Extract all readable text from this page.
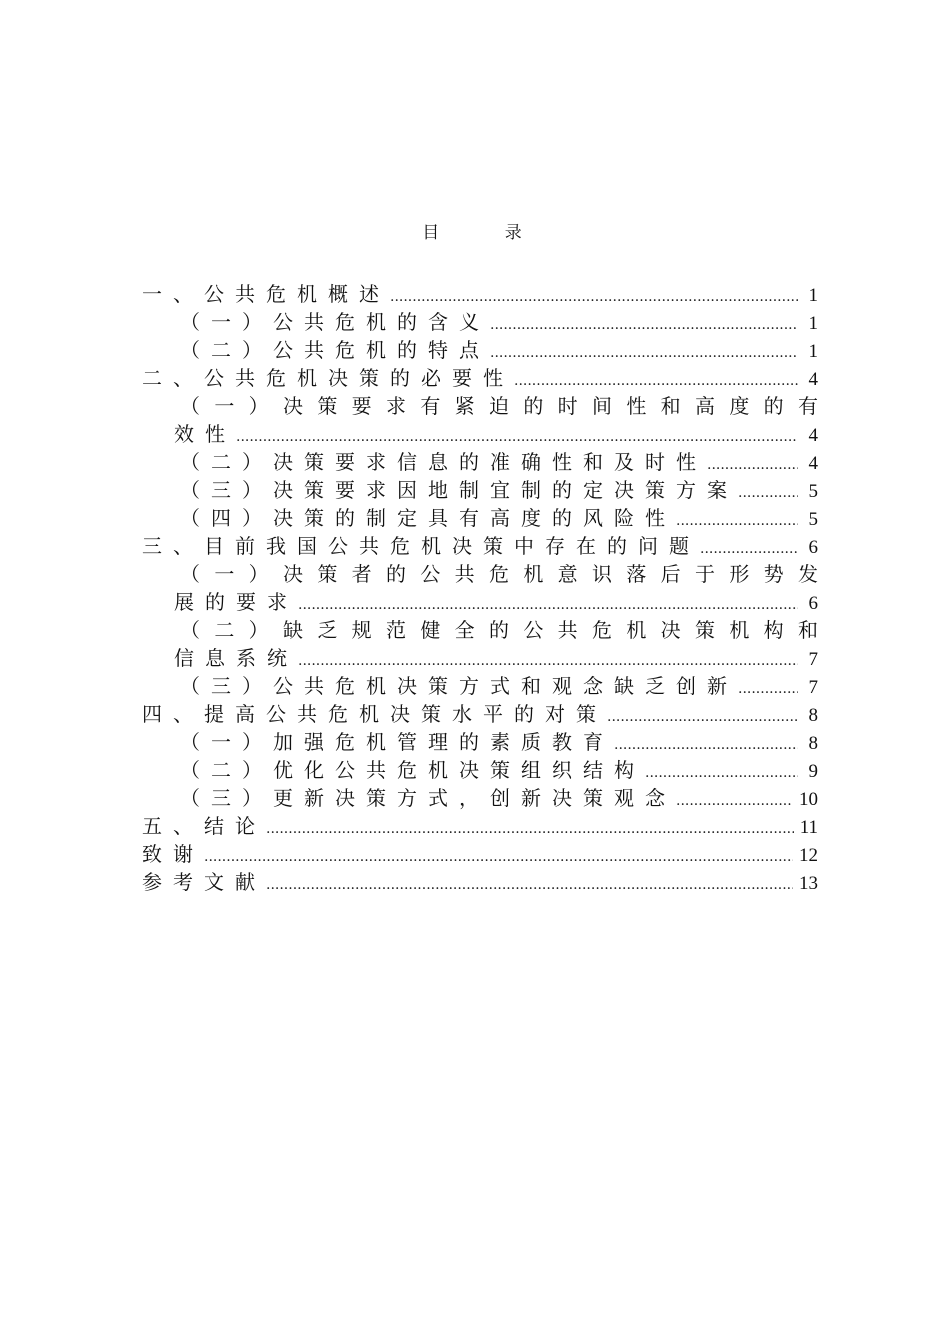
目 录
一、公共危机概述 .....	1
（一）公共危机的含义 .....	1
（二）公共危机的特点 .....	1
二、公共危机决策的必要性 .....	4
（一）决策要求有紧迫的时间性和高度的有
效性 .....	4
（二）决策要求信息的准确性和及时性 .....	4
（三）决策要求因地制宜制的定决策方案 .....	5
（四）决策的制定具有高度的风险性 .....	5
三、目前我国公共危机决策中存在的问题 .....	6
（一）决策者的公共危机意识落后于形势发
展的要求 .....	6
（二）缺乏规范健全的公共危机决策机构和
信息系统 .....	7
（三）公共危机决策方式和观念缺乏创新 .....	7
四、提高公共危机决策水平的对策 .....	8
（一）加强危机管理的素质教育 .....	8
（二）优化公共危机决策组织结构 .....	9
（三）更新决策方式，创新决策观念 .....	10
五、结论 .....	11
致谢 .....	12
参考文献 .....	13
